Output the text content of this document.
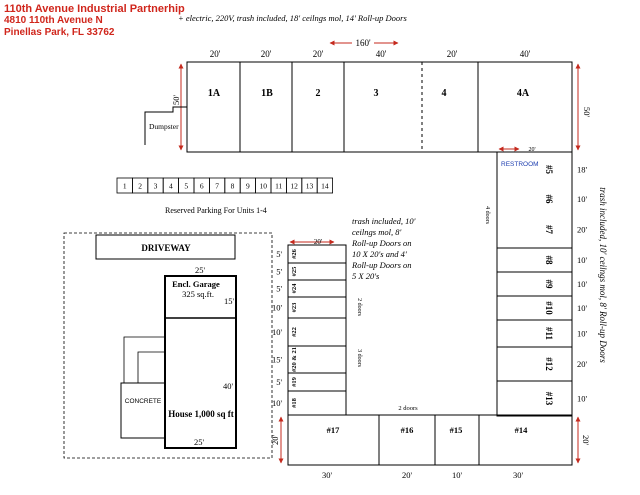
110th Avenue Industrial Partnerhip
4810 110th Avenue N
Pinellas Park, FL 33762
+ electric, 220V, trash included, 18' ceilngs mol, 14' Roll-up Doors
160'
20'	20'	20'	40'	20'	40'
1A	1B	2	3	4	4A
50'
50'
Dumpster
1 2 3 4 5 6 7 8 9 10 11 12 13 14
Reserved Parking For Units 1-4
20'
RESTROOM
#5	18'
#6	10'
#7	20'
#8	10'
#9	10'
#10	10'
#11	10'
#12	20'
#13	10'
4 doors	trash included, 10' ceilngs mol, 8' Roll-up Doors
20'
#26
5'
#25
5'
#24
5'
#23
10'
#22
10'
#20 & 21
15'
#19
5'
#18
10'
trash included, 10'
ceilngs mol, 8'
Roll-up Doors on
10 X 20's and 4'
Roll-up Doors on
5 X 20's
2 doors
3 doors
2 doors
#17	#16	#15	#14
30'	20'	10'	30'
20'	20'
DRIVEWAY
25'
Encl. Garage
325 sq.ft.
15'
40'
House 1,000 sq ft
25'
CONCRETE
